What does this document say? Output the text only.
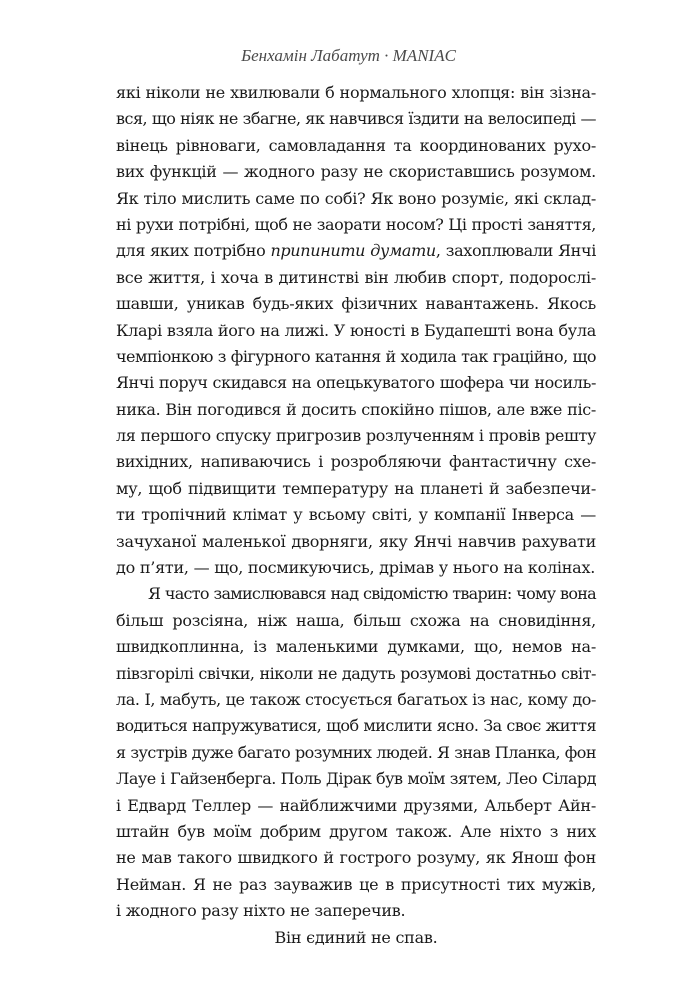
Бенхамін Лабатут · MANIAC
які ніколи не хвилювали б нормального хлопця: він зізна-
вся, що ніяк не збагне, як навчився їздити на велосипеді —
вінець рівноваги, самовладання та координованих руxо-
вих функцій — жодного разу не скориставшись розумом.
Як тіло мислить саме по собі? Як воно розуміє, які склад-
ні рухи потрібні, щоб не заорати носом? Ці прості заняття,
для яких потрібно припинити думати, захоплювали Янчі
все життя, і хоча в дитинстві він любив спорт, подорослі-
шавши, уникав будь-яких фізичних навантажень. Якось
Кларі взяла його на лижі. У юності в Будапешті вона була
чемпіонкою з фігурного катання й ходила так граційно, що
Янчі поруч скидався на опецькуватого шофера чи носиль-
ника. Він погодився й досить спокійно пішов, але вже піс-
ля першого спуску пригрозив розлученням і провів решту
вихідних, напиваючись і розробляючи фантастичну схе-
му, щоб підвищити температуру на планеті й забезпечи-
ти тропічний клімат у всьому світі, у компанії Інверса —
зачуханої маленької дворняги, яку Янчі навчив рахувати
до п’яти, — що, посмикуючись, дрімав у нього на колінах.
Я часто замислювався над свідомістю тварин: чому вона
більш розсіяна, ніж наша, більш схожа на сновидіння,
швидкоплинна, із маленькими думками, що, немов на-
півзгорілі свічки, ніколи не дадуть розумові достатньо світ-
ла. І, мабуть, це також стосується багатьох із нас, кому до-
водиться напружуватися, щоб мислити ясно. За своє життя
я зустрів дуже багато розумних людей. Я знав Планка, фон
Лауе і Гайзенберга. Поль Дірак був моїм зятем, Лео Сілард
і Едвард Теллер — найближчими друзями, Альберт Айн-
штайн був моїм добрим другом також. Але ніхто з них
не мав такого швидкого й гострого розуму, як Янош фон
Нейман. Я не раз зауважив це в присутності тих мужів,
і жодного разу ніхто не заперечив.
Він єдиний не спав.
